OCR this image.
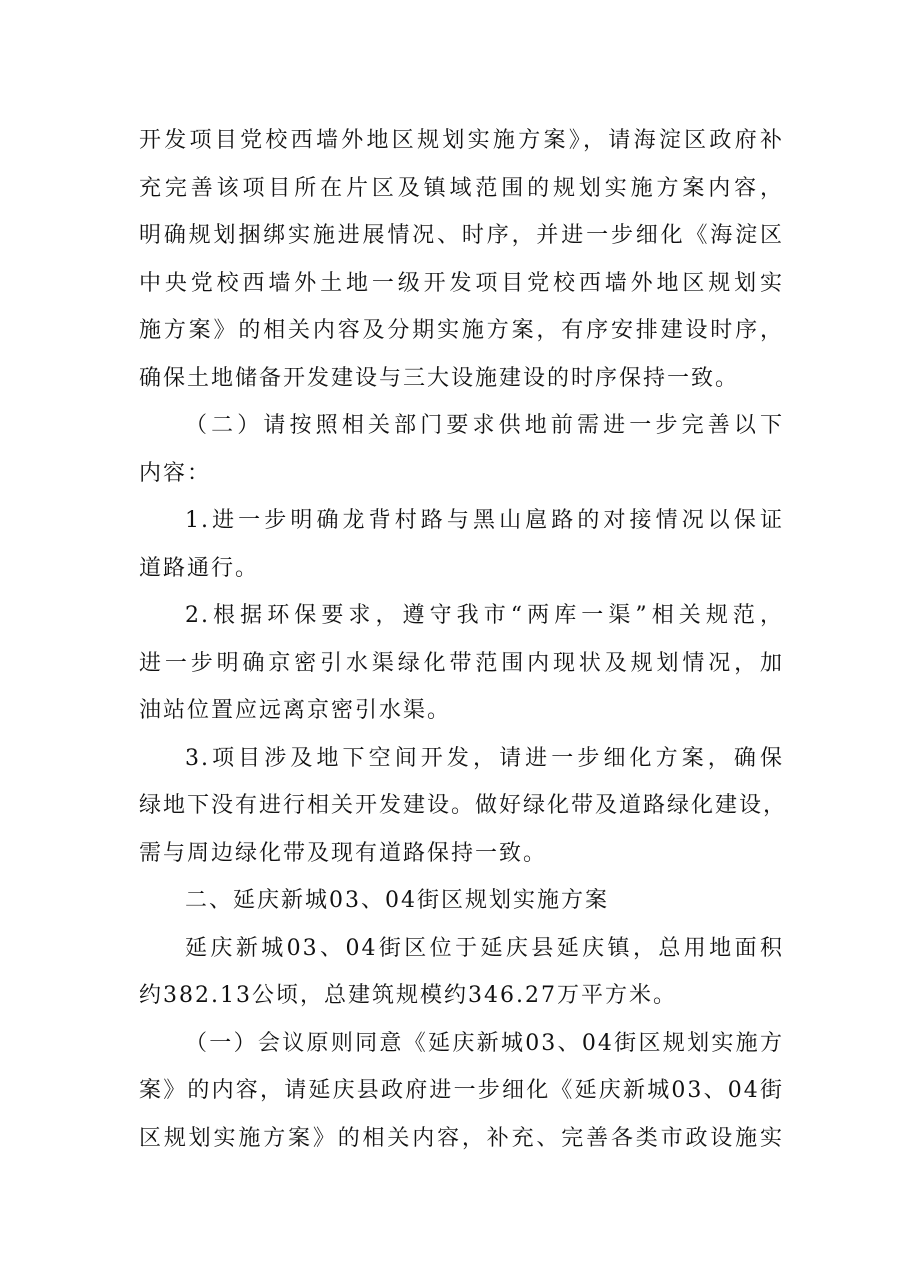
开发项目党校西墙外地区规划实施方案》，请海淀区政府补
充完善该项目所在片区及镇域范围的规划实施方案内容，
明确规划捆绑实施进展情况、时序，并进一步细化《海淀区
中央党校西墙外土地一级开发项目党校西墙外地区规划实
施方案》的相关内容及分期实施方案，有序安排建设时序，
确保土地储备开发建设与三大设施建设的时序保持一致。
（二）请按照相关部门要求供地前需进一步完善以下
内容：
1.进一步明确龙背村路与黑山扈路的对接情况以保证
道路通行。
2.根据环保要求，遵守我市“两库一渠”相关规范，
进一步明确京密引水渠绿化带范围内现状及规划情况，加
油站位置应远离京密引水渠。
3.项目涉及地下空间开发，请进一步细化方案，确保
绿地下没有进行相关开发建设。做好绿化带及道路绿化建设，
需与周边绿化带及现有道路保持一致。
二、延庆新城03、04街区规划实施方案
延庆新城03、04街区位于延庆县延庆镇，总用地面积
约382.13公顷，总建筑规模约346.27万平方米。
（一）会议原则同意《延庆新城03、04街区规划实施方
案》的内容，请延庆县政府进一步细化《延庆新城03、04街
区规划实施方案》的相关内容，补充、完善各类市政设施实
